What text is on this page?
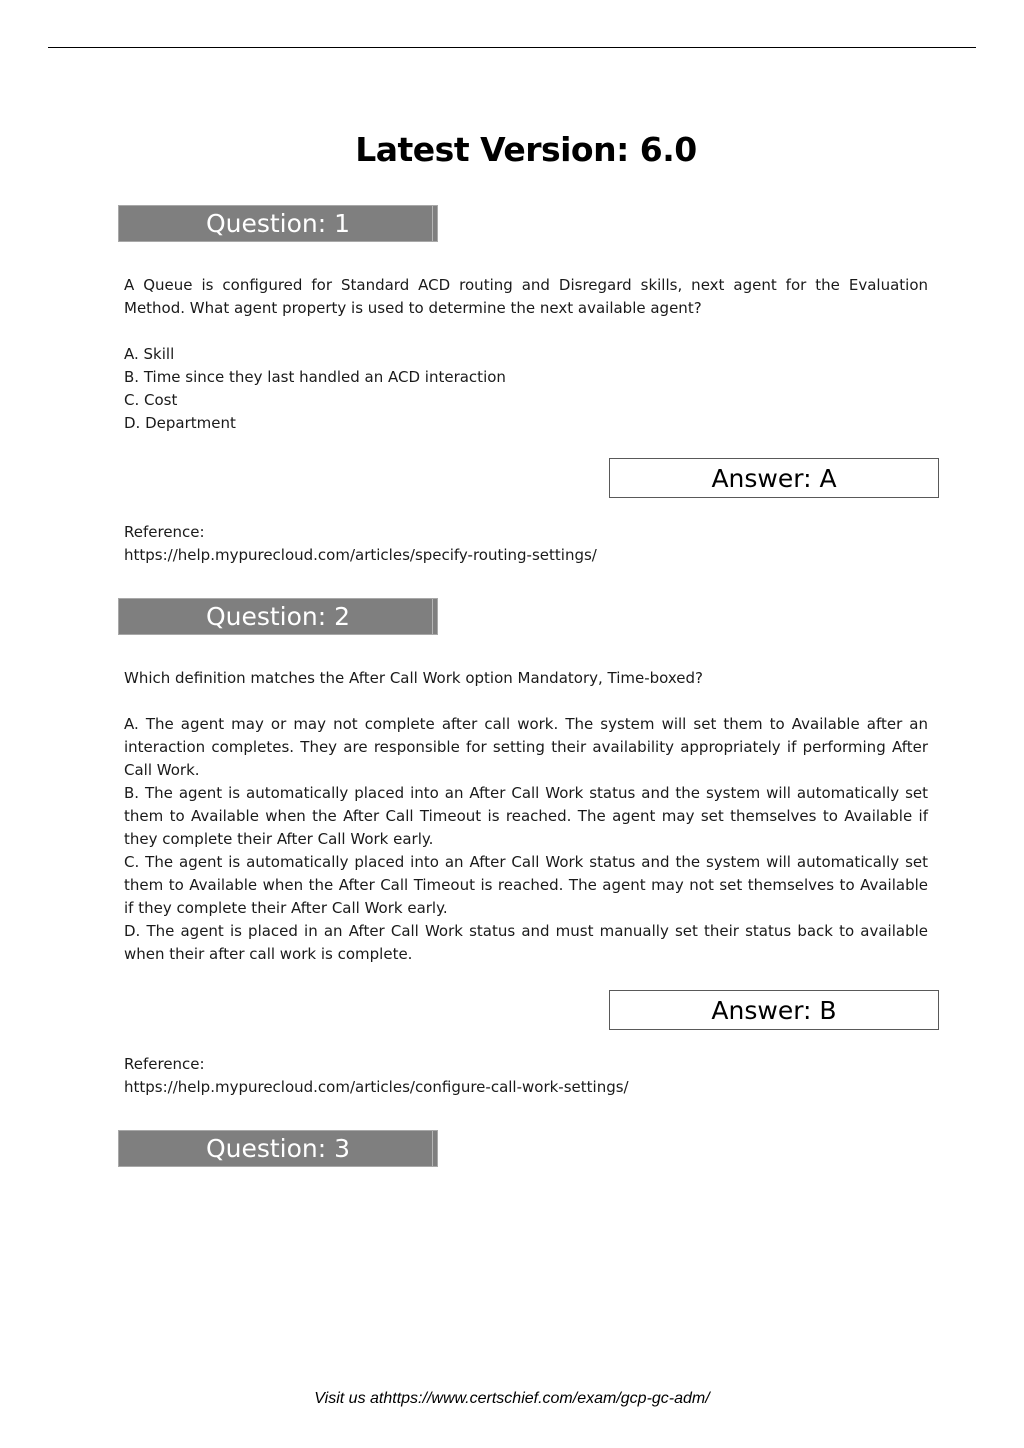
Latest Version: 6.0
Question: 1
A Queue is configured for Standard ACD routing and Disregard skills, next agent for the Evaluation Method. What agent property is used to determine the next available agent?
A. Skill
B. Time since they last handled an ACD interaction
C. Cost
D. Department
Answer: A
Reference:
https://help.mypurecloud.com/articles/specify-routing-settings/
Question: 2
Which definition matches the After Call Work option Mandatory, Time-boxed?
A. The agent may or may not complete after call work. The system will set them to Available after an interaction completes. They are responsible for setting their availability appropriately if performing After Call Work.
B. The agent is automatically placed into an After Call Work status and the system will automatically set them to Available when the After Call Timeout is reached. The agent may set themselves to Available if they complete their After Call Work early.
C. The agent is automatically placed into an After Call Work status and the system will automatically set them to Available when the After Call Timeout is reached. The agent may not set themselves to Available if they complete their After Call Work early.
D. The agent is placed in an After Call Work status and must manually set their status back to available when their after call work is complete.
Answer: B
Reference:
https://help.mypurecloud.com/articles/configure-call-work-settings/
Question: 3
Visit us athttps://www.certschief.com/exam/gcp-gc-adm/
